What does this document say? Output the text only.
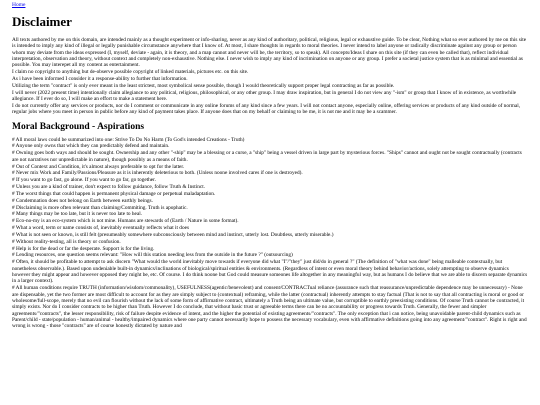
Home
Disclaimer

All texts authored by me on this domain, are intended mainly as a thought experiment or info-sharing, never as any kind of authoritary, political, religious, legal or exhaustive guide. To be clear, Nothing what so ever authored by me on this site is intended to imply any kind of illegal or legally punishable circumstance anywhere that I know of. At most, I share thoughts in regards to moral theories. I never intend to label anyone or radically discriminate against any group or person whom may deviate from the ideas expressed (I, myself, deviate - again, it is theory, and a map cannot and never will be, the territory, so to speak). All concepts/Ideas I share on this site (if they can even be called that), reflect individual interpretation, observation and theory, without context and completely non-exhaustive. Nothing else. I never wish to imply any kind of incrimination on anyone or any group. I prefer a societal justice system that is as minimal and essential as possible. You may interepet all my content as entertainment.

I claim no copyright to anything but de-observe possible copyright of linked materials, pictures etc. on this site.

As i have been informed I consider it a response-ability to further that information.

Utilizing the term "contract" is only ever meant in the least strictest, most symbolical sense possible, though I would theoretically support proper legal contracting as far as possible.

I will never (2022 present time) intentionally claim allegiance to any political, religious, philosophical, or any other group. I may draw inspiration, but in general I do not view any "-ism" or group that I know of in existence, as worthwhile allegiance. If I ever do so, I will make an effort to make a statement here.

I do not currently offer any services or products, nor do I comment or communicate in any online forums of any kind since a few years. I will not contact anyone, especially online, offering services or products of any kind outside of normal, regular jobs where you meet in person in public before any kind of payment takes place. If anyone does that on my behalf or claiming to be me, it is not me and it may be a scammer.

Moral Background - Aspirations

# All moral laws could be summarized into one: Strive To Do No Harm (To God's intended Creations - Truth)

# Anyone only owns that which they can predictably defend and maintain.

# Owning goes both ways and should be sought. Ownership and any other "-ship" may be a blessing or a curse, a "ship" being a vessel driven in large part by mysterious forces. "Ships" cannot and ought not be sought contractually (contracts are not narratives nor unpredictable in nature), though possibly as a means of faith.

# Out of Context and Condition, it's almost always preferable to opt for the latter.

# Never mix Work and Family/Passions/Pleasure as it is inherently deleterious to both. (Unless noone involved cares if one is destroyed).

# If you want to go fast, go alone. If you want to go far, go together.

# Unless you are a kind of trainer, don't expect to follow guidance, follow Truth & Instinct.

# The worst things that could happen is permanent physical damage or perpetual maladaptation.

# Condemnation does not belong on Earth between earthly beings.

# Disclaiming is more often relevant than claiming/Commiting. Truth is apophatic.

# Many things may be too late, but it is never too late to heal.

# Eco-no-my is an eco-system which is not mine. Humans are stewards of (Earth / Nature in some format).

# What a word, term or name consists of, inevitably eventually reflects what it does

# What is not seen or known, is still felt (presumeably somewhere subconsciously between mind and instinct, utterly lost. Doubtless, utterly miserable.)

# Without reality-testing, all is theory or confusion.

# Help is for the dead or far the desperate. Support is for the living.

# Lending resources, one question seems relevant: "How will this station needing less from the outside in the future ?" (outsourcing)

# Often, it should be profitable to attempt to ask discern "What would the world inevitably move towards if everyone did what "I"/"they" just did/do in general ?" (The definition of "what was done" being malleable contextually, but nonetheless observable.). Based upon undeniable built-in dynamics/inclinations of biological/spiritual entities & environments. (Regardless of intent or even moral theory behind behavior/actions, solely attempting to observe dynamics however they might appear and however opposed they might be, etc. Of course. I do think noone but God could measure someones life altogether in any meaningful way, but as humans I do believe that we are able to discern separate dynamics in a larger context).

# All human conditions require TRUTH (information/wisdom/commonality), USEFULNESS(agentic/benevolent) and consent/CONTRACTual reliance (assurance such that reassurance/unpredictable dependence may be unnecessary) - None are dispensable, yet the two former are most difficult to account for as they are simply subject to (contextual) reframing, while the latter (contractual) inherently attempts to stay factual (That is not to say that all contracting is moral or good or wholesome/full-scope, merely that no evil can flourish without the lack of some form of affirmative contract, ultimately a Truth being an ultimate value, but corruptible to earthly preexisting conditions. Of course Truth cannot be contracted, it simply exists. Nor do I consider contracts to be higher than Truth. However I do conclude, that without basic trust or agreeable terms there can be no accountability or progress towards Truth. Generally, the fewer and simpler agreements/"contracts", the lesser responsibility, risk of failure despite evidence of intent, and the higher the potential of existing agreements/"contracts". The only exception that i can notice, being unavoidable parent-child dynamics such as Parent/child - state/population - human/animal - healthy/impaired dynamics where one party cannot necessarily hope to possess the necessary vocabulary, even with affirmative definitions going into any agreement/"contract". Right is right and wrong is wrong - those "contracts" are of course honestly dictated by nature and
